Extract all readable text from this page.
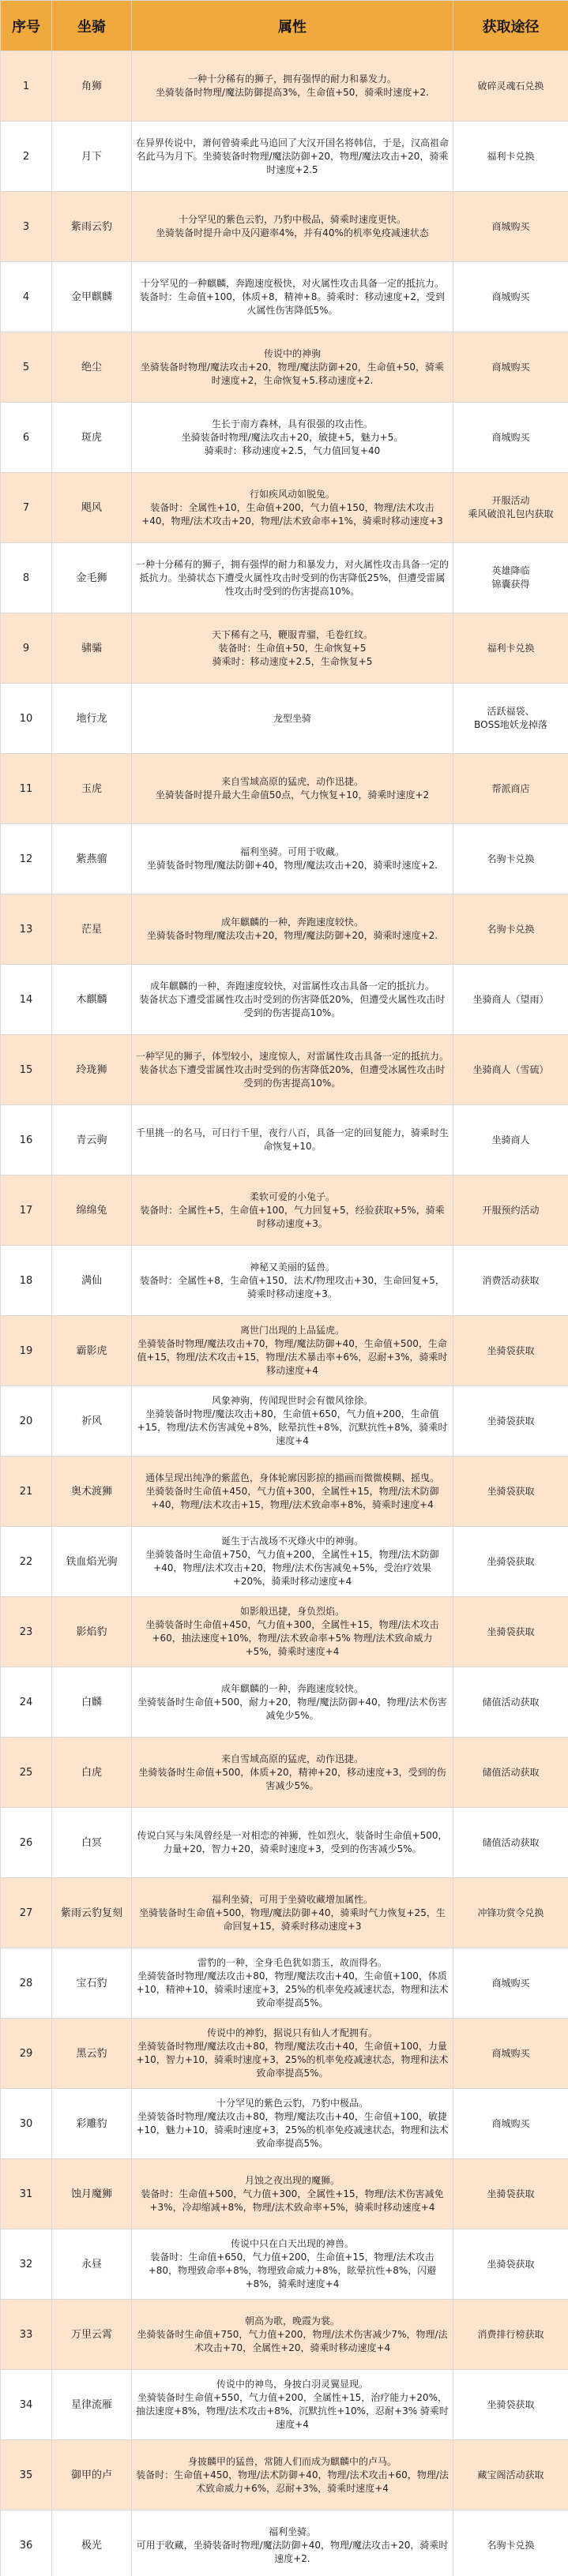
序号	坐骑	属性	获取途径
1	角狮	一种十分稀有的狮子，拥有强悍的耐力和暴发力。
坐骑装备时物理/魔法防御提高3%，生命值+50，骑乘时速度+2.	破碎灵魂石兑换
2	月下	在异界传说中，萧何曾骑乘此马追回了大汉开国名将韩信，于是，汉高祖命名此马为月下。坐骑装备时物理/魔法防御+20，物理/魔法攻击+20，骑乘时速度+2.5	福利卡兑换
3	紫雨云豹	十分罕见的紫色云豹，乃豹中极品，骑乘时速度更快。
坐骑装备时提升命中及闪避率4%，并有40%的机率免疫减速状态	商城购买
4	金甲麒麟	十分罕见的一种麒麟，奔跑速度极快，对火属性攻击具备一定的抵抗力。
装备时：生命值+100，体质+8，精神+8。骑乘时：移动速度+2，受到火属性伤害降低5%。	商城购买
5	绝尘	传说中的神驹
坐骑装备时物理/魔法攻击+20，物理/魔法防御+20，生命值+50，骑乘时速度+2，生命恢复+5.移动速度+2.	商城购买
6	斑虎	生长于南方森林，具有很强的攻击性。
坐骑装备时物理/魔法攻击+20，敏捷+5，魅力+5。
骑乘时：移动速度+2.5，气力值回复+40	商城购买
7	飓风	行如疾风动如脱兔。
装备时：全属性+10，生命值+200，气力值+150，物理/法术攻击+40，物理/法术攻击+20，物理/法术致命率+1%，骑乘时移动速度+3	开服活动
乘风破浪礼包内获取
8	金毛狮	一种十分稀有的狮子，拥有强悍的耐力和暴发力，对火属性攻击具备一定的抵抗力。坐骑状态下遭受火属性攻击时受到的伤害降低25%，但遭受雷属性攻击时受到的伤害提高10%。	英雄降临
锦囊获得
9	骕骦	天下稀有之马，鞭服青骝，毛卷红纹。
装备时：生命值+50，生命恢复+5
骑乘时：移动速度+2.5，生命恢复+5	福利卡兑换
10	地行龙	龙型坐骑	活跃福袋、
BOSS地妖龙掉落
11	玉虎	来自雪域高原的猛虎，动作迅捷。
坐骑装备时提升最大生命值50点，气力恢复+10，骑乘时速度+2	帮派商店
12	紫燕骝	福利坐骑。可用于收藏。
坐骑装备时物理/魔法防御+40，物理/魔法攻击+20，骑乘时速度+2.	名驹卡兑换
13	茫星	成年麒麟的一种，奔跑速度较快。
坐骑装备时物理/魔法攻击+20，物理/魔法防御+20，骑乘时速度+2.	名驹卡兑换
14	木麒麟	成年麒麟的一种，奔跑速度较快，对雷属性攻击具备一定的抵抗力。
装备状态下遭受雷属性攻击时受到的伤害降低20%，但遭受火属性攻击时受到的伤害提高10%。	坐骑商人（望雨）
15	玲珑狮	一种罕见的狮子，体型较小，速度惊人，对雷属性攻击具备一定的抵抗力。
装备状态下遭受雷属性攻击时受到的伤害降低20%，但遭受冰属性攻击时受到的伤害提高10%。	坐骑商人（雪硫）
16	青云驹	千里挑一的名马，可日行千里，夜行八百，具备一定的回复能力，骑乘时生命恢复+10。	坐骑商人
17	绵绵兔	柔软可爱的小兔子。
装备时：全属性+5，生命值+100，气力回复+5，经验获取+5%，骑乘时移动速度+3。	开服预约活动
18	满仙	神秘又美丽的猛兽。
装备时：全属性+8，生命值+150，法术/物理攻击+30，生命回复+5，骑乘时移动速度+3。	消费活动获取
19	霸影虎	离世门出现的上品猛虎。
坐骑装备时物理/魔法攻击+70，物理/魔法防御+40，生命值+500，生命值+15，物理/法术攻击+15，物理/法术暴击率+6%，忍耐+3%，骑乘时移动速度+4	坐骑袋获取
20	祈风	风象神驹，传闻现世时会有微风徐徐。
坐骑装备时物理/魔法攻击+80，生命值+650，气力值+200，生命值+15，物理/法术伤害减免+8%，眩晕抗性+8%，沉默抗性+8%，骑乘时速度+4	坐骑袋获取
21	奥术渡狮	通体呈现出纯净的紫蓝色，身体轮廓因影掠的描画而微微模糊、摇曳。
坐骑装备时生命值+450，气力值+300，全属性+15，物理/法术防御+40，物理/法术攻击+15，物理/法术致命率+8%，骑乘时速度+4	坐骑袋获取
22	铁血焰光驹	诞生于古战场不灭烽火中的神驹。
坐骑装备时生命值+750，气力值+200，全属性+15，物理/法术防御+40，物理/法术攻击+20，物理/法术伤害减免+5%，受治疗效果+20%，骑乘时移动速度+4	坐骑袋获取
23	影焰豹	如影般迅捷，身负烈焰。
坐骑装备时生命值+450，气力值+300，全属性+15，物理/法术攻击+60，抽法速度+10%，物理/法术致命率+5% 物理/法术致命威力+5%，骑乘时速度+4	坐骑袋获取
24	白麟	成年麒麟的一种，奔跑速度较快。
坐骑装备时生命值+500，耐力+20，物理/魔法防御+40，物理/法术伤害减免少5%。	储值活动获取
25	白虎	来自雪域高原的猛虎，动作迅捷。
坐骑装备时生命值+500，体质+20，精神+20，移动速度+3，受到的伤害减少5%。	储值活动获取
26	白冥	传说白冥与朱凤曾经是一对相恋的神狮，性如烈火，装备时生命值+500，力量+20，智力+20，骑乘时速度+3，受到的伤害减少5%。	储值活动获取
27	紫雨云豹复刻	福利坐骑，可用于坐骑收藏增加属性。
坐骑装备时生命值+500，物理/魔法防御+40，骑乘时气力恢复+25，生命回复+15，骑乘时移动速度+3	冲锋功赏令兑换
28	宝石豹	雷豹的一种，全身毛色犹如翡玉，故而得名。
坐骑装备时物理/魔法攻击+80，物理/魔法攻击+40，生命值+100，体质+10，精神+10，骑乘时速度+3，25%的机率免疫减速状态，物理和法术致命率提高5%。	商城购买
29	黑云豹	传说中的神豹，据说只有仙人才配拥有。
坐骑装备时物理/魔法攻击+80，物理/魔法攻击+40，生命值+100，力量+10，智力+10，骑乘时速度+3，25%的机率免疫减速状态，物理和法术致命率提高5%。	商城购买
30	彩雕豹	十分罕见的紫色云豹，乃豹中极品。
坐骑装备时物理/魔法攻击+80，物理/魔法攻击+40，生命值+100，敏捷+10，魅力+10，骑乘时速度+3，25%的机率免疫减速状态，物理和法术致命率提高5%。	商城购买
31	蚀月魔狮	月蚀之夜出现的魔狮。
装备时：生命值+500，气力值+300，全属性+15，物理/法术伤害减免+3%，冷却缩减+8%，物理/法术致命率+5%，骑乘时移动速度+4	坐骑袋获取
32	永昼	传说中只在白天出现的神兽。
装备时：生命值+650，气力值+200，生命值+15，物理/法术攻击+80，物理致命率+8%，物理致命威力+8%，眩晕抗性+8%，闪避+8%，骑乘时速度+4	坐骑袋获取
33	万里云霄	朝高为歌，晚霞为裳。
坐骑装备时生命值+750，气力值+200，物理/法术伤害减少7%，物理/法术攻击+70，全属性+20，骑乘时移动速度+4	消费排行榜获取
34	星律流雁	传说中的神鸟，身披白羽灵翼显现。
坐骑装备时生命值+550，气力值+200，全属性+15，治疗能力+20%，抽法速度+8%，物理/法术攻击+8%，沉默抗性+10%，忍耐+3% 骑乘时速度+4	坐骑袋获取
35	御甲的卢	身披麟甲的猛兽，常随人们而成为麒麟中的卢马。
装备时：生命值+450，物理/法术防御+40，物理/法术攻击+60，物理/法术致命威力+6%，忍耐+3%，骑乘时速度+4	藏宝阁活动获取
36	极光	福利坐骑。
可用于收藏，坐骑装备时物理/魔法防御+40，物理/魔法攻击+20，骑乘时速度+2.	名驹卡兑换
